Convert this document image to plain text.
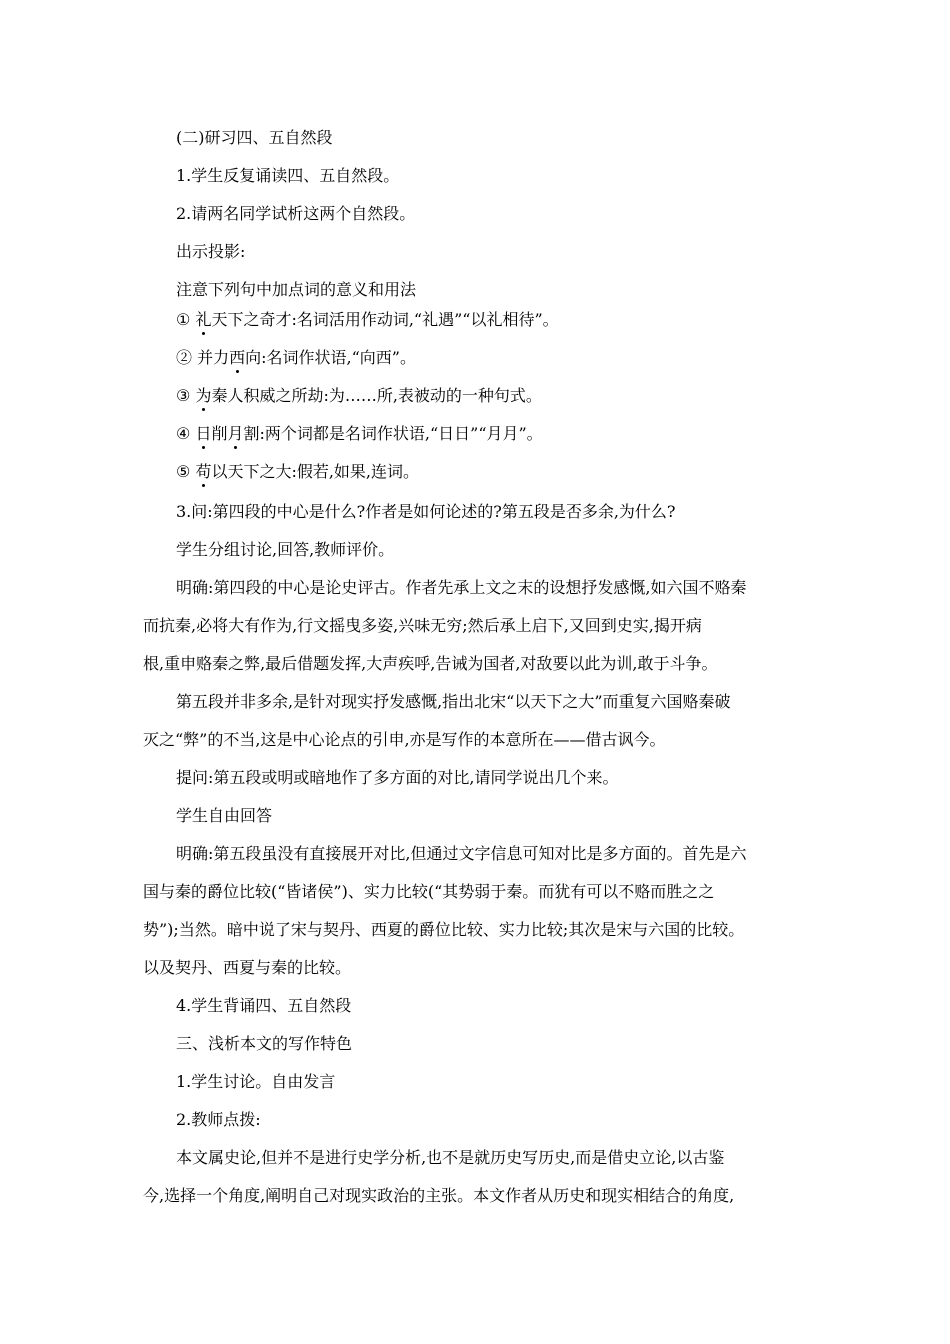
(二)研习四、五自然段
1.学生反复诵读四、五自然段。
2.请两名同学试析这两个自然段。
出示投影:
注意下列句中加点词的意义和用法
① 礼天下之奇才:名词活用作动词,“礼遇”“以礼相待”。
② 并力西向:名词作状语,“向西”。
③ 为秦人积威之所劫:为……所,表被动的一种句式。
④ 日削月割:两个词都是名词作状语,“日日”“月月”。
⑤ 苟以天下之大:假若,如果,连词。
3.问:第四段的中心是什么?作者是如何论述的?第五段是否多余,为什么?
学生分组讨论,回答,教师评价。
明确:第四段的中心是论史评古。作者先承上文之末的设想抒发感慨,如六国不赂秦
而抗秦,必将大有作为,行文摇曳多姿,兴味无穷;然后承上启下,又回到史实,揭开病
根,重申赂秦之弊,最后借题发挥,大声疾呼,告诫为国者,对敌要以此为训,敢于斗争。
第五段并非多余,是针对现实抒发感慨,指出北宋“以天下之大”而重复六国赂秦破
灭之“弊”的不当,这是中心论点的引申,亦是写作的本意所在——借古讽今。
提问:第五段或明或暗地作了多方面的对比,请同学说出几个来。
学生自由回答
明确:第五段虽没有直接展开对比,但通过文字信息可知对比是多方面的。首先是六
国与秦的爵位比较(“皆诸侯”)、实力比较(“其势弱于秦。而犹有可以不赂而胜之之
势”);当然。暗中说了宋与契丹、西夏的爵位比较、实力比较;其次是宋与六国的比较。
以及契丹、西夏与秦的比较。
4.学生背诵四、五自然段
三、浅析本文的写作特色
1.学生讨论。自由发言
2.教师点拨:
本文属史论,但并不是进行史学分析,也不是就历史写历史,而是借史立论,以古鉴
今,选择一个角度,阐明自己对现实政治的主张。本文作者从历史和现实相结合的角度,
